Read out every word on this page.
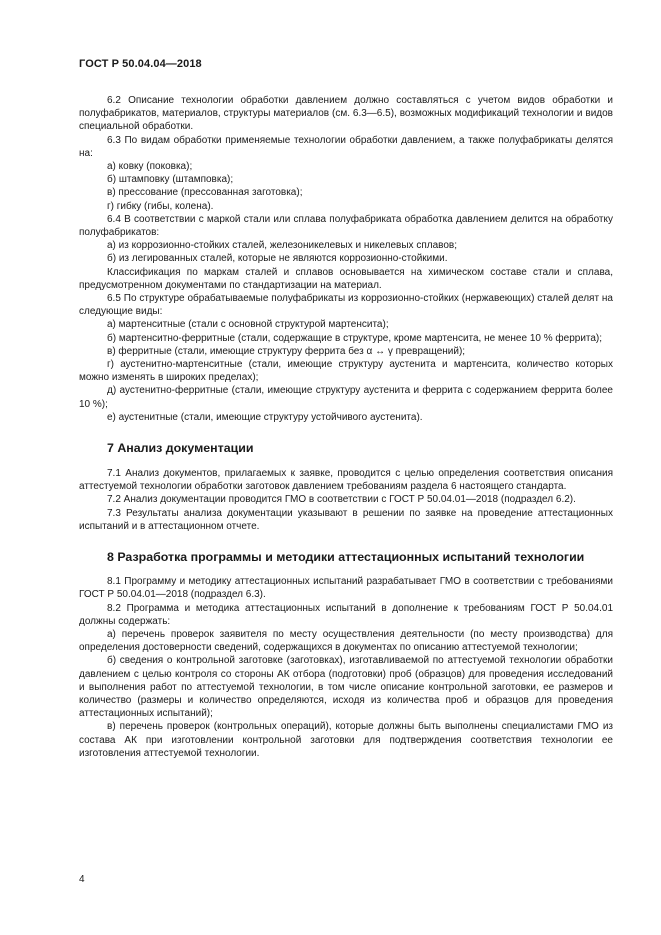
ГОСТ Р 50.04.04—2018

6.2 Описание технологии обработки давлением должно составляться с учетом видов обработки и полуфабрикатов, материалов, структуры материалов (см. 6.3—6.5), возможных модификаций технологии и видов специальной обработки.

6.3 По видам обработки применяемые технологии обработки давлением, а также полуфабрикаты делятся на:

а) ковку (поковка);

б) штамповку (штамповка);

в) прессование (прессованная заготовка);

г) гибку (гибы, колена).

6.4 В соответствии с маркой стали или сплава полуфабриката обработка давлением делится на обработку полуфабрикатов:

а) из коррозионно-стойких сталей, железоникелевых и никелевых сплавов;

б) из легированных сталей, которые не являются коррозионно-стойкими.

Классификация по маркам сталей и сплавов основывается на химическом составе стали и сплава, предусмотренном документами по стандартизации на материал.

6.5 По структуре обрабатываемые полуфабрикаты из коррозионно-стойких (нержавеющих) сталей делят на следующие виды:

а) мартенситные (стали с основной структурой мартенсита);

б) мартенситно-ферритные (стали, содержащие в структуре, кроме мартенсита, не менее 10 % феррита);

в) ферритные (стали, имеющие структуру феррита без α ↔ γ превращений);

г) аустенитно-мартенситные (стали, имеющие структуру аустенита и мартенсита, количество которых можно изменять в широких пределах);

д) аустенитно-ферритные (стали, имеющие структуру аустенита и феррита с содержанием феррита более 10 %);

е) аустенитные (стали, имеющие структуру устойчивого аустенита).

7 Анализ документации

7.1 Анализ документов, прилагаемых к заявке, проводится с целью определения соответствия описания аттестуемой технологии обработки заготовок давлением требованиям раздела 6 настоящего стандарта.

7.2 Анализ документации проводится ГМО в соответствии с ГОСТ Р 50.04.01—2018 (подраздел 6.2).

7.3 Результаты анализа документации указывают в решении по заявке на проведение аттестационных испытаний и в аттестационном отчете.

8 Разработка программы и методики аттестационных испытаний технологии

8.1 Программу и методику аттестационных испытаний разрабатывает ГМО в соответствии с требованиями ГОСТ Р 50.04.01—2018 (подраздел 6.3).

8.2 Программа и методика аттестационных испытаний в дополнение к требованиям ГОСТ Р 50.04.01 должны содержать:

а) перечень проверок заявителя по месту осуществления деятельности (по месту производства) для определения достоверности сведений, содержащихся в документах по описанию аттестуемой технологии;

б) сведения о контрольной заготовке (заготовках), изготавливаемой по аттестуемой технологии обработки давлением с целью контроля со стороны АК отбора (подготовки) проб (образцов) для проведения исследований и выполнения работ по аттестуемой технологии, в том числе описание контрольной заготовки, ее размеров и количество (размеры и количество определяются, исходя из количества проб и образцов для проведения аттестационных испытаний);

в) перечень проверок (контрольных операций), которые должны быть выполнены специалистами ГМО из состава АК при изготовлении контрольной заготовки для подтверждения соответствия технологии ее изготовления аттестуемой технологии.

4
